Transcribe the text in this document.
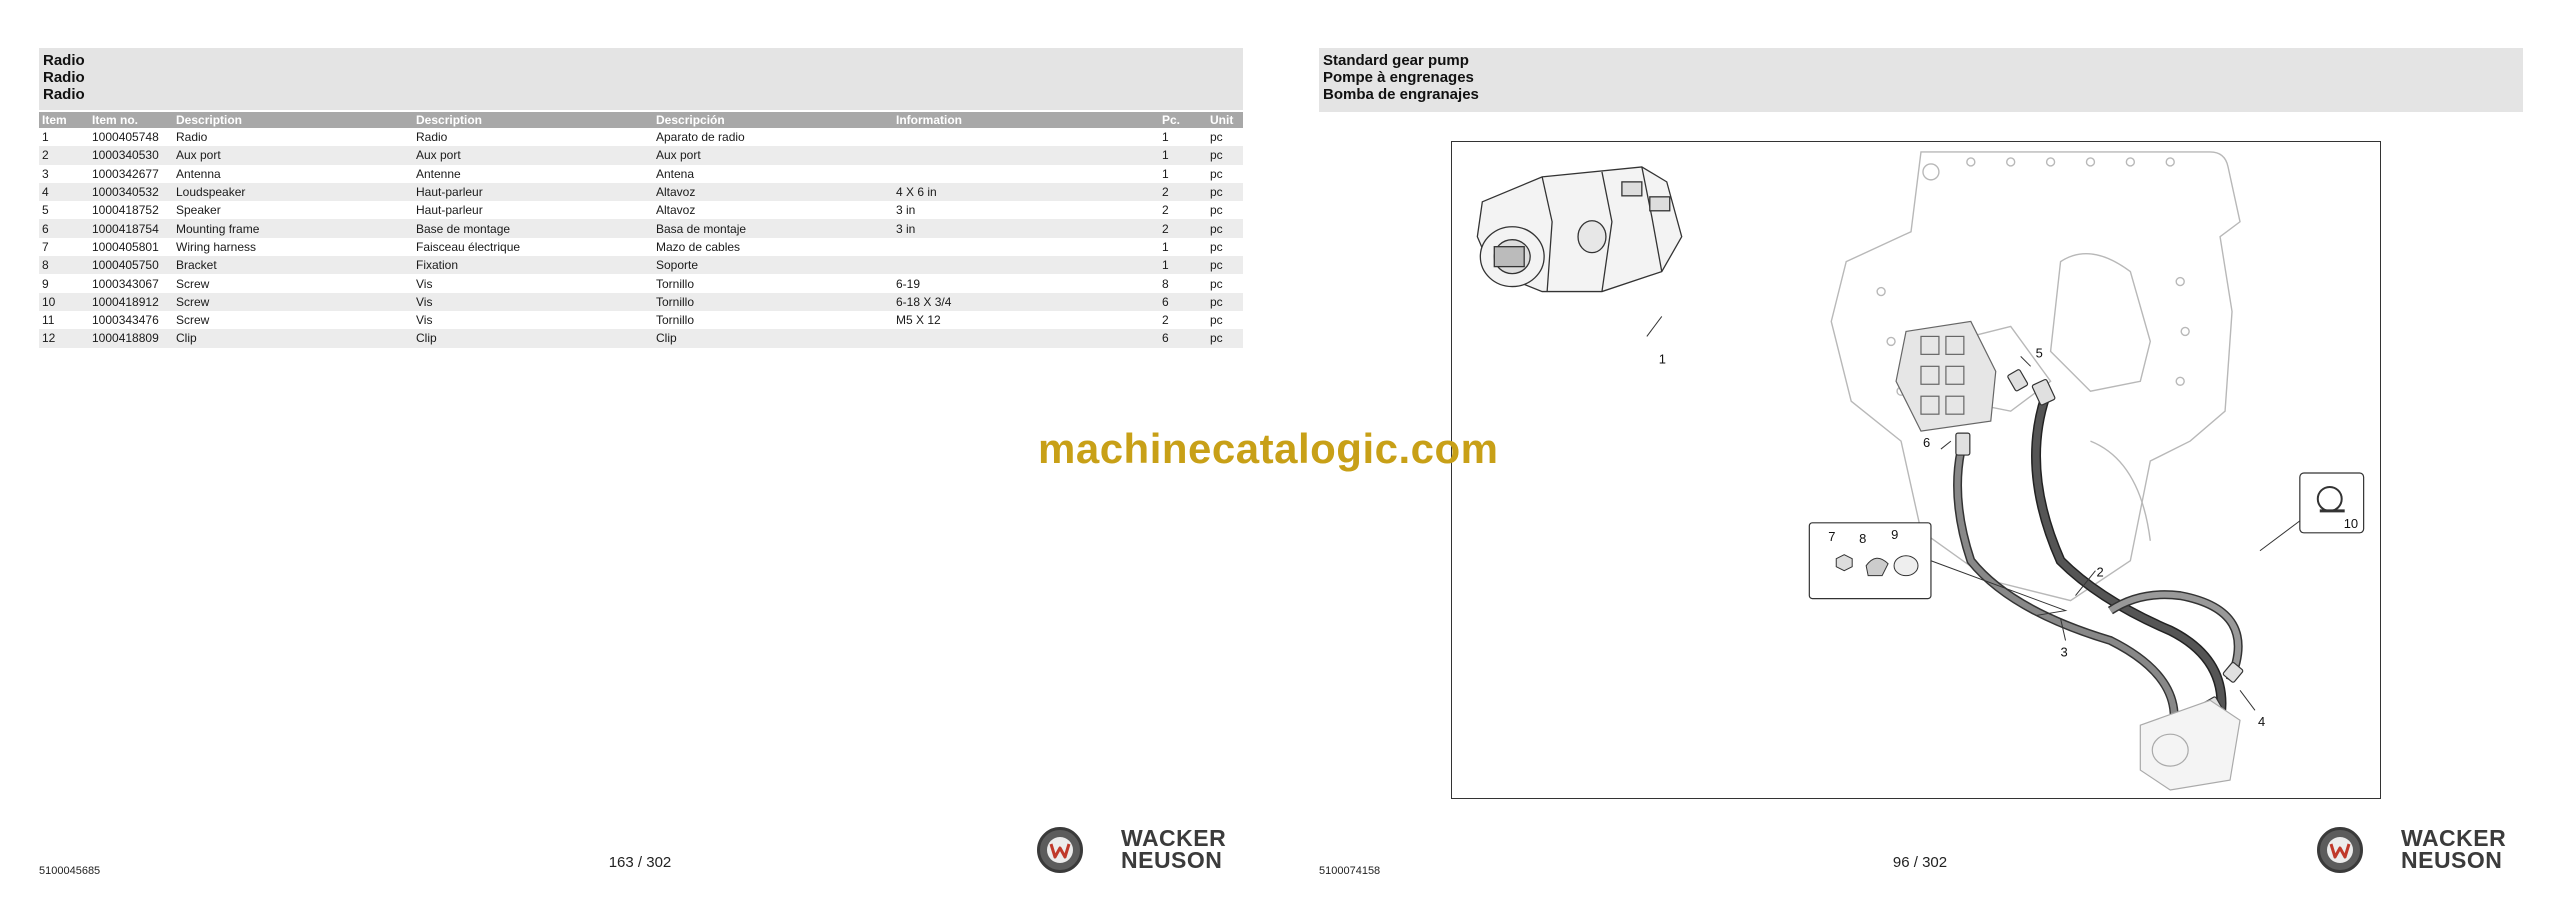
Radio
Radio
Radio
Item	Item no.	Description	Description	Descripción	Information	Pc.	Unit
1	1000405748	Radio	Radio	Aparato de radio		1	pc
2	1000340530	Aux port	Aux port	Aux port		1	pc
3	1000342677	Antenna	Antenne	Antena		1	pc
4	1000340532	Loudspeaker	Haut-parleur	Altavoz	4 X 6 in	2	pc
5	1000418752	Speaker	Haut-parleur	Altavoz	3 in	2	pc
6	1000418754	Mounting frame	Base de montage	Basa de montaje	3 in	2	pc
7	1000405801	Wiring harness	Faisceau électrique	Mazo de cables		1	pc
8	1000405750	Bracket	Fixation	Soporte		1	pc
9	1000343067	Screw	Vis	Tornillo	6-19	8	pc
10	1000418912	Screw	Vis	Tornillo	6-18 X 3/4	6	pc
11	1000343476	Screw	Vis	Tornillo	M5 X 12	2	pc
12	1000418809	Clip	Clip	Clip		6	pc
5100045685	163 / 302
WACKER
NEUSON
Standard gear pump
Pompe à engrenages
Bomba de engranajes
1
2
3
4
5
6
7 8 9
10
5100074158	96 / 302
WACKER
NEUSON
machinecatalogic.com
